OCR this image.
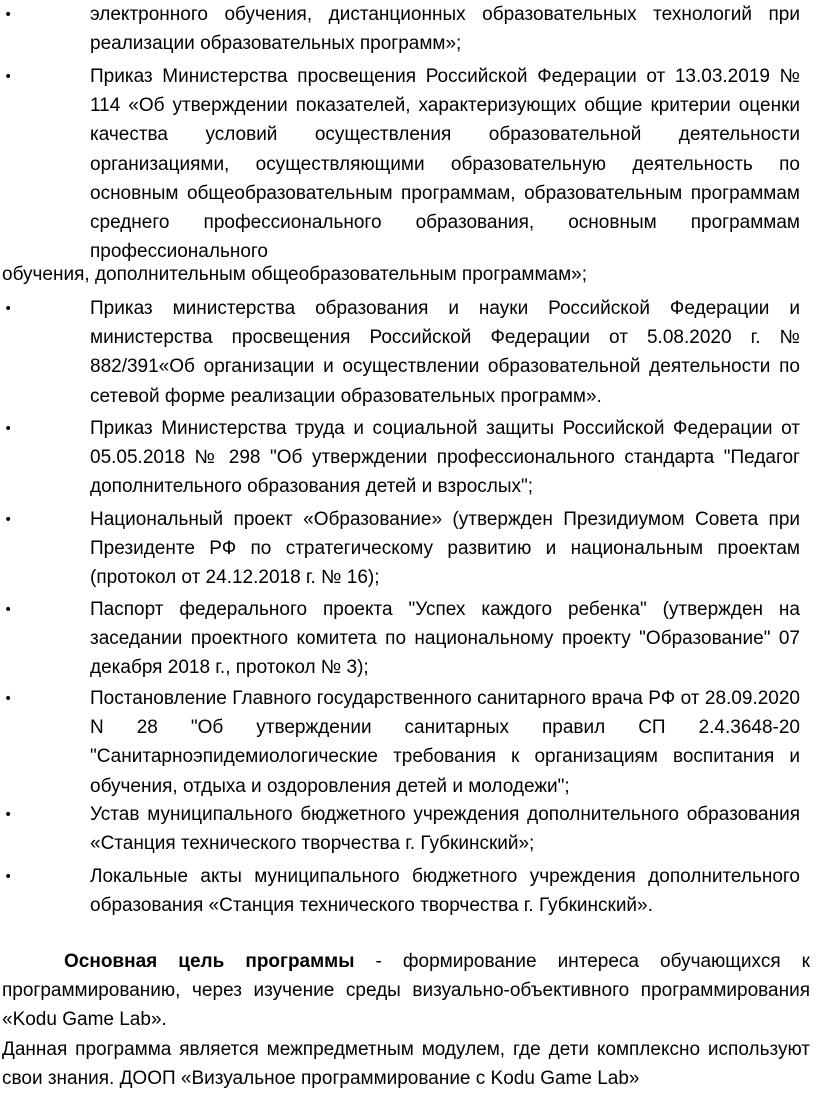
•	электронного обучения, дистанционных образовательных технологий при реализации образовательных программ»;
•	Приказ Министерства просвещения Российской Федерации от 13.03.2019 № 114 «Об утверждении показателей, характеризующих общие критерии оценки качества условий осуществления образовательной деятельности организациями, осуществляющими образовательную деятельность по основным общеобразовательным программам, образовательным программам среднего профессионального образования, основным программам профессионального
обучения, дополнительным общеобразовательным программам»;
•	Приказ министерства образования и науки Российской Федерации и министерства просвещения Российской Федерации от 5.08.2020 г. № 882/391«Об организации и осуществлении образовательной деятельности по сетевой форме реализации образовательных программ».
•	Приказ Министерства труда и социальной защиты Российской Федерации от 05.05.2018 № 298 "Об утверждении профессионального стандарта "Педагог дополнительного образования детей и взрослых";
•	Национальный проект «Образование» (утвержден Президиумом Совета при Президенте РФ по стратегическому развитию и национальным проектам (протокол от 24.12.2018 г. № 16);
•	Паспорт федерального проекта "Успех каждого ребенка" (утвержден на заседании проектного комитета по национальному проекту "Образование" 07 декабря 2018 г., протокол № 3);
•	Постановление Главного государственного санитарного врача РФ от 28.09.2020 N 28 "Об утверждении санитарных правил СП 2.4.3648-20 "Санитарноэпидемиологические требования к организациям воспитания и обучения, отдыха и оздоровления детей и молодежи";
•	Устав муниципального бюджетного учреждения дополнительного образования «Станция технического творчества г. Губкинский»;
•	Локальные акты муниципального бюджетного учреждения дополнительного образования «Станция технического творчества г. Губкинский».
Основная цель программы - формирование интереса обучающихся к программированию, через изучение среды визуально-объективного программирования «Kodu Game Lab».
Данная программа является межпредметным модулем, где дети комплексно используют свои знания. ДООП «Визуальное программирование с Kodu Game Lab»
